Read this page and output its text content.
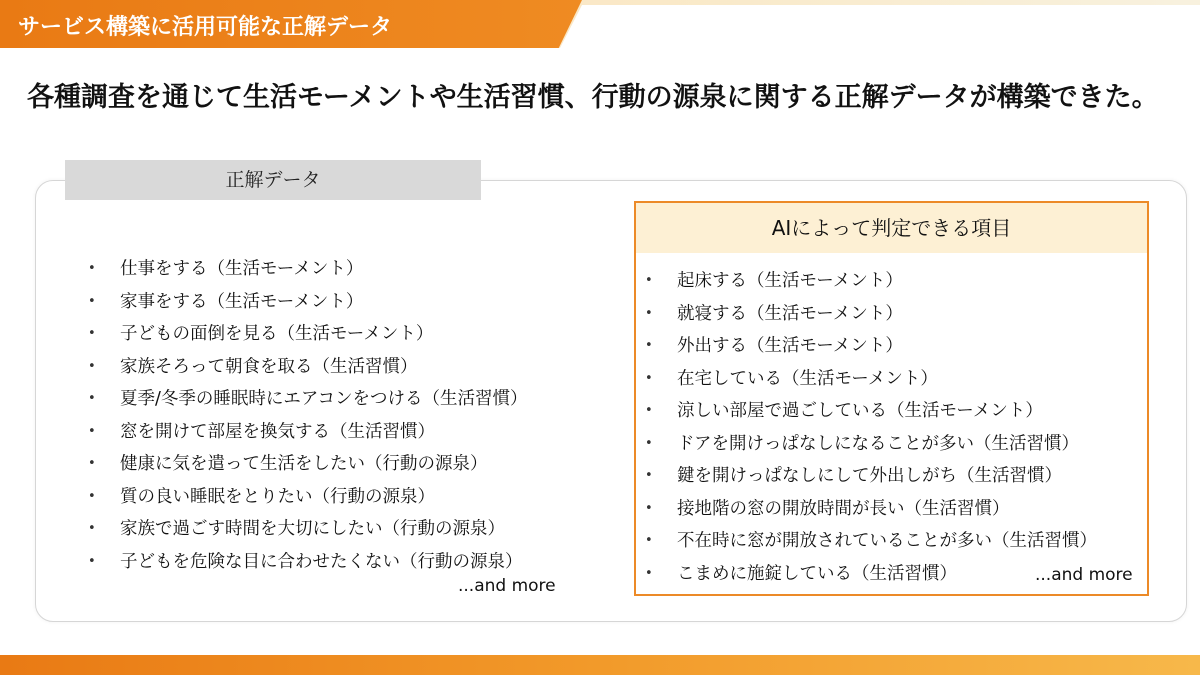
サービス構築に活用可能な正解データ
各種調査を通じて生活モーメントや生活習慣、行動の源泉に関する正解データが構築できた。
正解データ
• 仕事をする（生活モーメント）
• 家事をする（生活モーメント）
• 子どもの面倒を見る（生活モーメント）
• 家族そろって朝食を取る（生活習慣）
• 夏季/冬季の睡眠時にエアコンをつける（生活習慣）
• 窓を開けて部屋を換気する（生活習慣）
• 健康に気を遣って生活をしたい（行動の源泉）
• 質の良い睡眠をとりたい（行動の源泉）
• 家族で過ごす時間を大切にしたい（行動の源泉）
• 子どもを危険な目に合わせたくない（行動の源泉）
...and more
AIによって判定できる項目
• 起床する（生活モーメント）
• 就寝する（生活モーメント）
• 外出する（生活モーメント）
• 在宅している（生活モーメント）
• 涼しい部屋で過ごしている（生活モーメント）
• ドアを開けっぱなしになることが多い（生活習慣）
• 鍵を開けっぱなしにして外出しがち（生活習慣）
• 接地階の窓の開放時間が長い（生活習慣）
• 不在時に窓が開放されていることが多い（生活習慣）
• こまめに施錠している（生活習慣）	...and more
